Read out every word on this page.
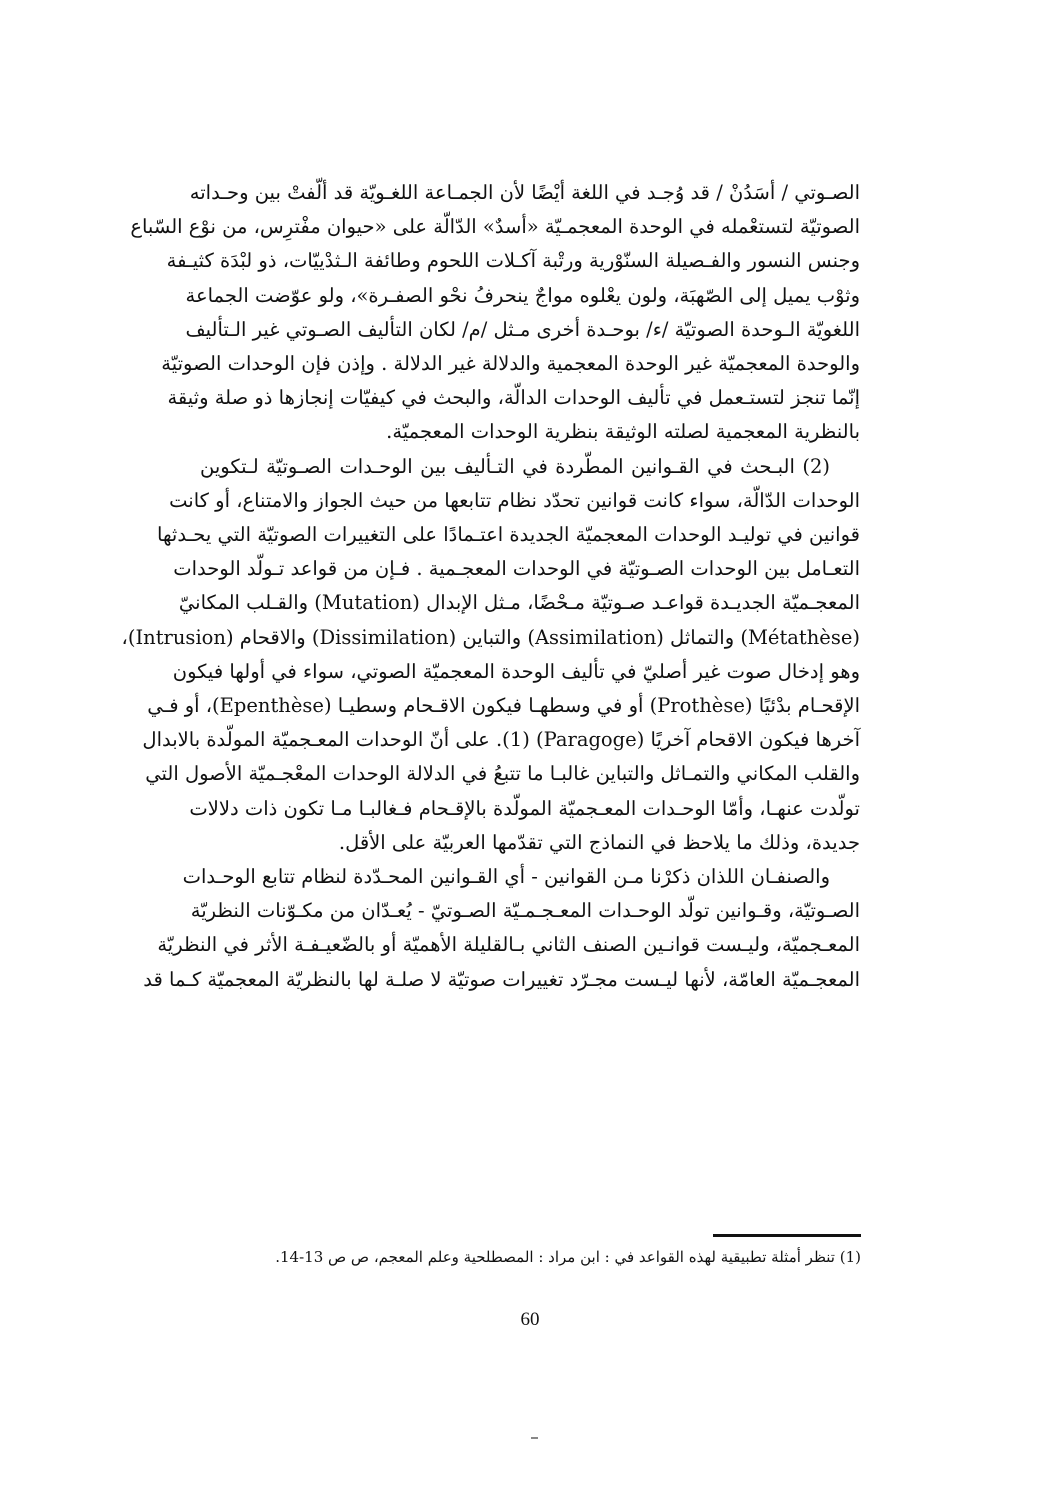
الصـوتي / أسَدُنْ / قد وُجـد في اللغة أيْضًا لأن الجمـاعة اللغـويّة قد ألّفتْ بين وحـداته
الصوتيّة لتستعْمله في الوحدة المعجمـيّة «أسدٌ» الدّالّة على «حيوان مفْترِس، من نوْع السّباع
وجنس النسور والفـصيلة السنّوْرية ورتْبة آكـلات اللحوم وطائفة الـثدْييّات، ذو لبْدَة كثيـفة
وثوْب يميل إلى الصّهبَة، ولون يعْلوه مواجٌ ينحرفُ نحْو الصفـرة»، ولو عوّضت الجماعة
اللغويّة الـوحدة الصوتيّة /ء/ بوحـدة أخرى مـثل /م/ لكان التأليف الصـوتي غير الـتأليف
والوحدة المعجميّة غير الوحدة المعجمية والدلالة غير الدلالة . وإذن فإن الوحدات الصوتيّة
إنّما تنجز لتستـعمل في تأليف الوحدات الدالّة، والبحث في كيفيّات إنجازها ذو صلة وثيقة
بالنظرية المعجمية لصلته الوثيقة بنظرية الوحدات المعجميّة.

(2) البـحث في القـوانين المطّردة في التـأليف بين الوحـدات الصـوتيّة لـتكوين
الوحدات الدّالّة، سواء كانت قوانين تحدّد نظام تتابعها من حيث الجواز والامتناع، أو كانت
قوانين في توليـد الوحدات المعجميّة الجديدة اعتـمادًا على التغييرات الصوتيّة التي يحـدثها
التعـامل بين الوحدات الصـوتيّة في الوحدات المعجـمية . فـإن من قواعد تـولّد الوحدات
المعجـميّة الجديـدة قواعـد صـوتيّة مـحْضًا، مـثل الإبدال (Mutation) والقـلب المكانيّ
(Métathèse) والتماثل (Assimilation) والتباين (Dissimilation) والاقحام (Intrusion)،
وهو إدخال صوت غير أصليّ في تأليف الوحدة المعجميّة الصوتي، سواء في أولها فيكون
الإقحـام بدْئيًا (Prothèse) أو في وسطهـا فيكون الاقـحام وسطيـا (Epenthèse)، أو فـي
آخرها فيكون الاقحام آخريًا (Paragoge) (1). على أنّ الوحدات المعـجميّة المولّدة بالابدال
والقلب المكاني والتمـاثل والتباين غالبـا ما تتبعُ في الدلالة الوحدات المعْجـميّة الأصول التي
تولّدت عنهـا، وأمّا الوحـدات المعـجميّة المولّدة بالإقـحام فـغالبـا مـا تكون ذات دلالات
جديدة، وذلك ما يلاحظ في النماذج التي تقدّمها العربيّة على الأقل.

والصنفـان اللذان ذكرْنا مـن القوانين - أي القـوانين المحـدّدة لنظام تتابع الوحـدات
الصـوتيّة، وقـوانين تولّد الوحـدات المعـجـمـيّة الصـوتيّ - يُعـدّان من مكـوّنات النظريّة
المعـجميّة، وليـست قوانـين الصنف الثاني بـالقليلة الأهميّة أو بالضّعيـفـة الأثر في النظريّة
المعجـميّة العامّة، لأنها ليـست مجـرّد تغييرات صوتيّة لا صلـة لها بالنظريّة المعجميّة كـما قد

(1) تنظر أمثلة تطبيقية لهذه القواعد في : ابن مراد : المصطلحية وعلم المعجم، ص ص 13-14.
60
